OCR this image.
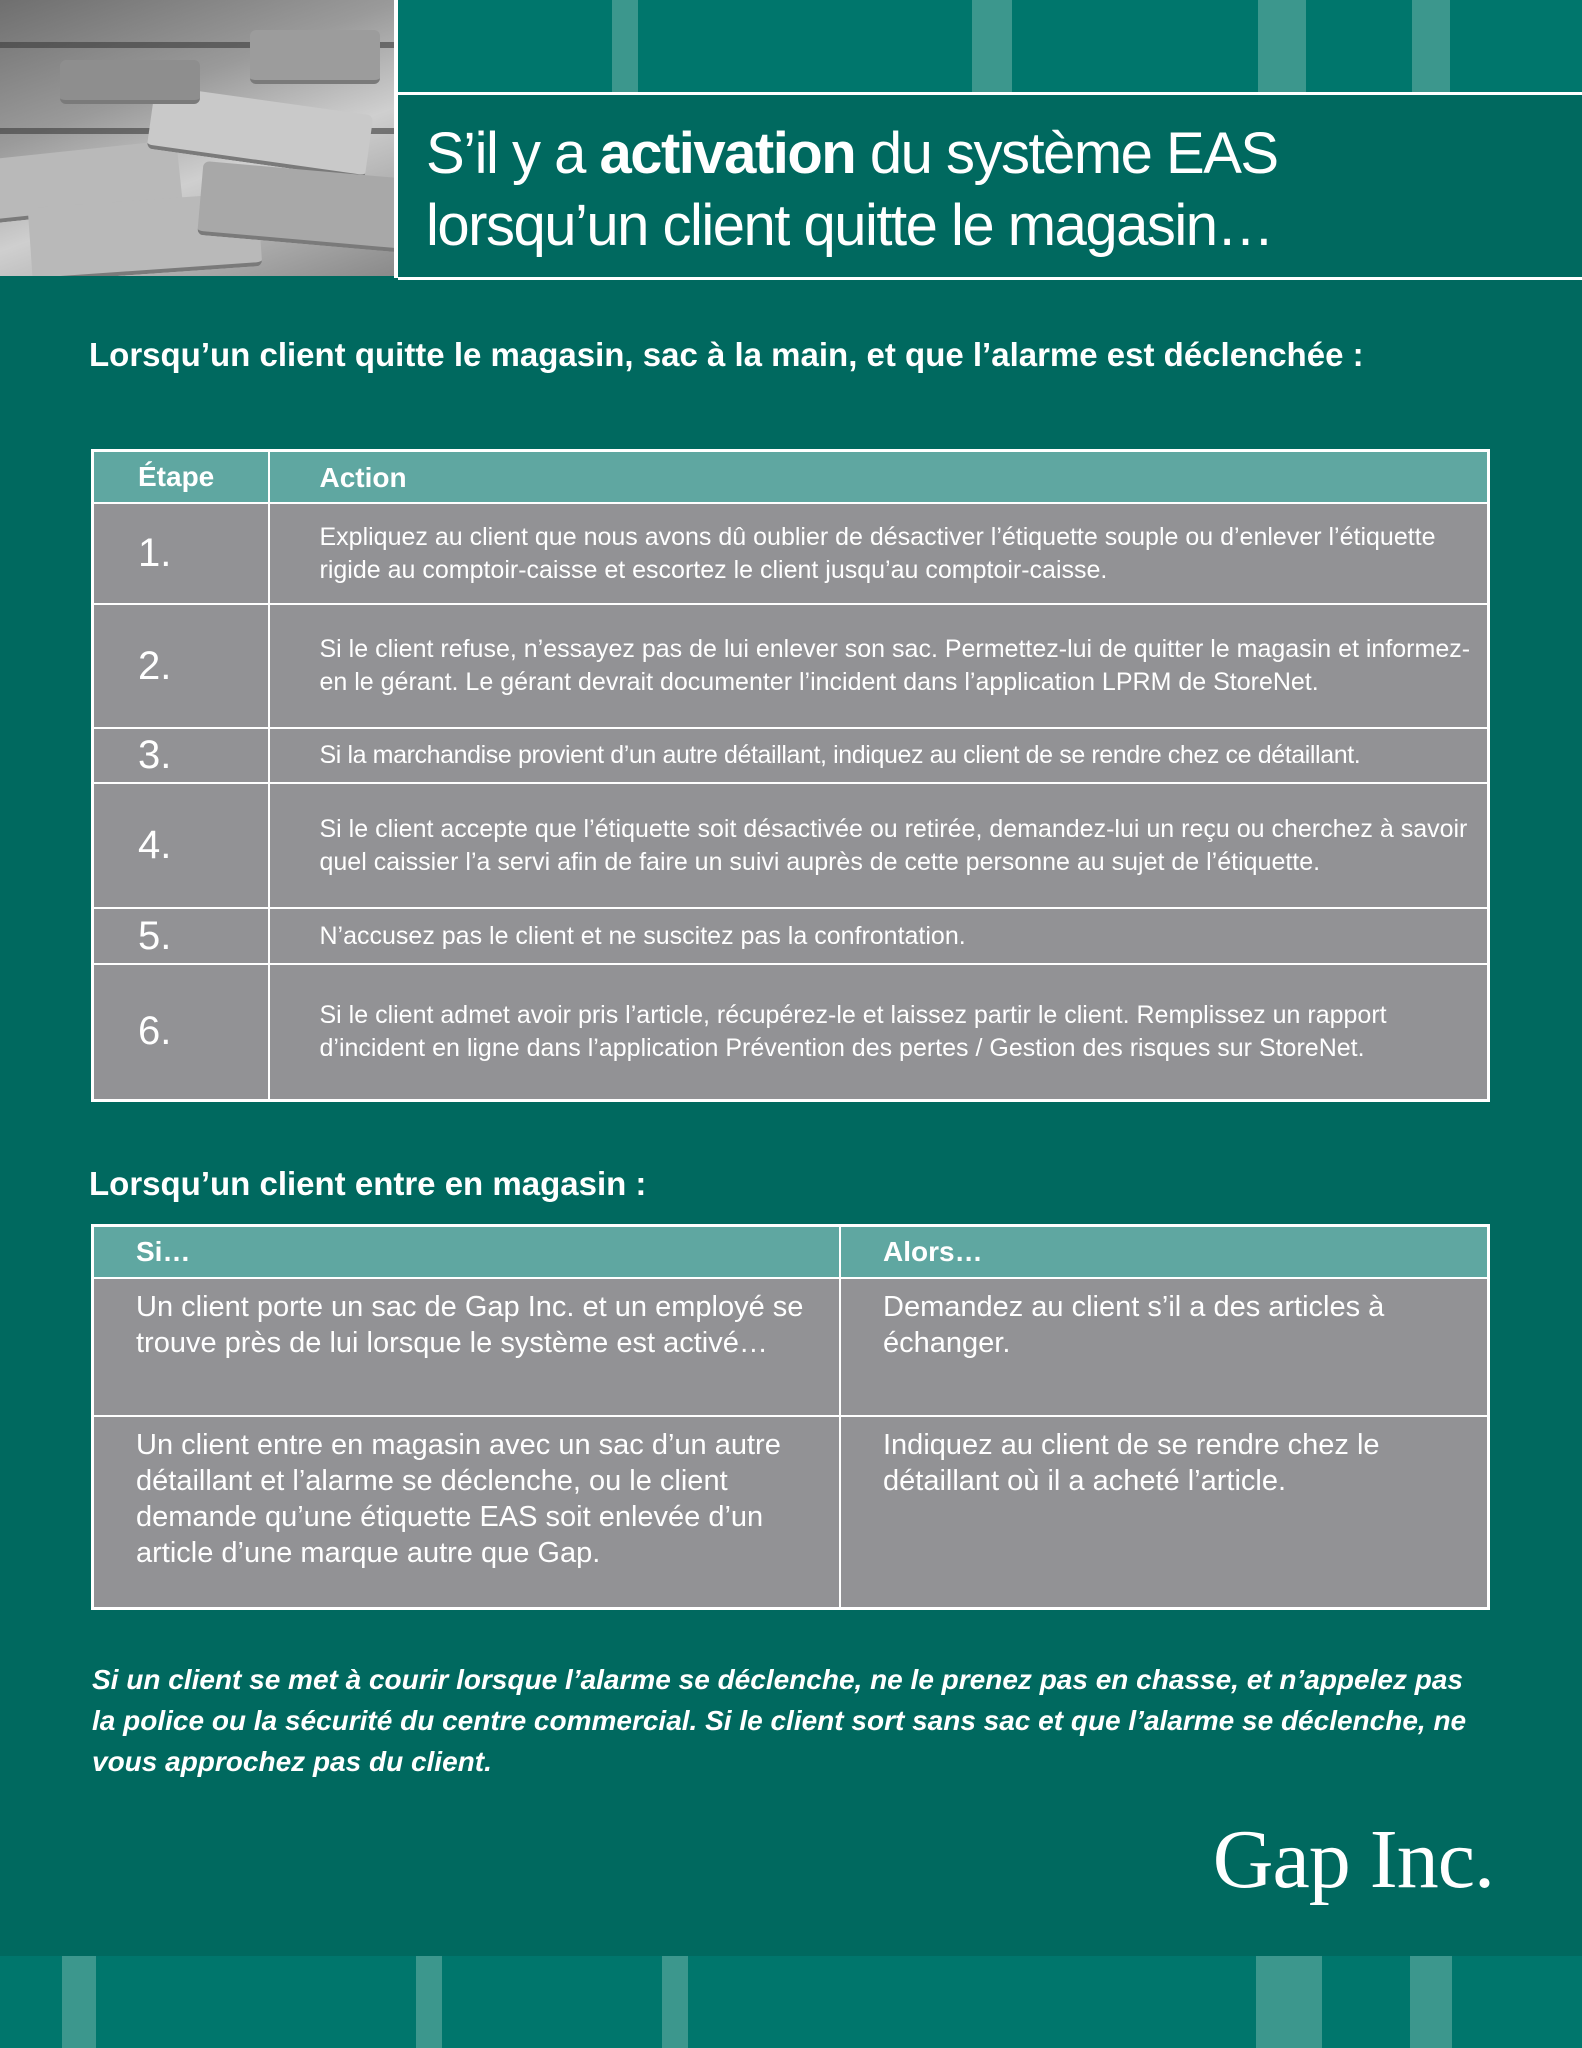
S’il y a activation du système EAS
lorsqu’un client quitte le magasin…
Lorsqu’un client quitte le magasin, sac à la main, et que l’alarme est déclenchée :
Étape	Action
1.	Expliquez au client que nous avons dû oublier de désactiver l’étiquette souple ou d’enlever l’étiquette rigide au comptoir-caisse et escortez le client jusqu’au comptoir-caisse.
2.	Si le client refuse, n’essayez pas de lui enlever son sac. Permettez-lui de quitter le magasin et informez-en le gérant. Le gérant devrait documenter l’incident dans l’application LPRM de StoreNet.
3.	Si la marchandise provient d’un autre détaillant, indiquez au client de se rendre chez ce détaillant.
4.	Si le client accepte que l’étiquette soit désactivée ou retirée, demandez-lui un reçu ou cherchez à savoir quel caissier l’a servi afin de faire un suivi auprès de cette personne au sujet de l’étiquette.
5.	N’accusez pas le client et ne suscitez pas la confrontation.
6.	Si le client admet avoir pris l’article, récupérez-le et laissez partir le client. Remplissez un rapport d’incident en ligne dans l’application Prévention des pertes / Gestion des risques sur StoreNet.
Lorsqu’un client entre en magasin :
Si…	Alors…
Un client porte un sac de Gap Inc. et un employé se trouve près de lui lorsque le système est activé…	Demandez au client s’il a des articles à échanger.
Un client entre en magasin avec un sac d’un autre détaillant et l’alarme se déclenche, ou le client demande qu’une étiquette EAS soit enlevée d’un article d’une marque autre que Gap.	Indiquez au client de se rendre chez le détaillant où il a acheté l’article.
Si un client se met à courir lorsque l’alarme se déclenche, ne le prenez pas en chasse, et n’appelez pas la police ou la sécurité du centre commercial. Si le client sort sans sac et que l’alarme se déclenche, ne vous approchez pas du client.
Gap Inc.
